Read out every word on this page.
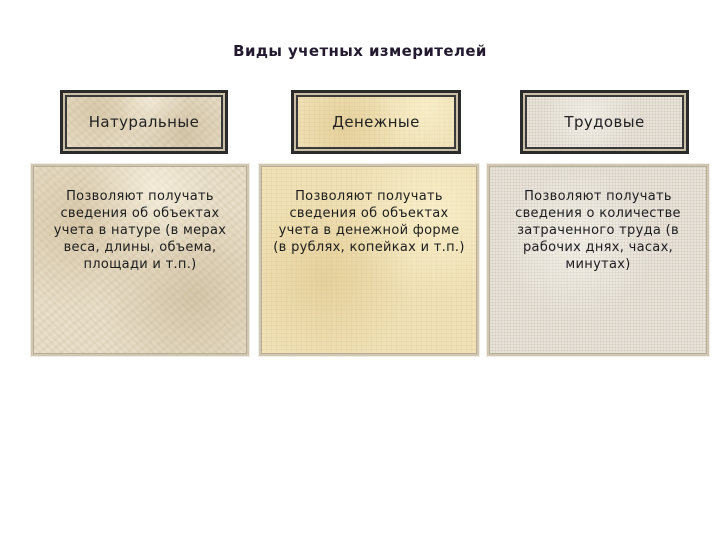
Виды учетных измерителей
Натуральные	Денежные	Трудовые
Позволяют получать сведения об объектах учета в натуре (в мерах веса, длины, объема, площади и т.п.)
Позволяют получать сведения об объектах учета в денежной форме (в рублях, копейках и т.п.)
Позволяют получать сведения о количестве затраченного труда (в рабочих днях, часах, минутах)
